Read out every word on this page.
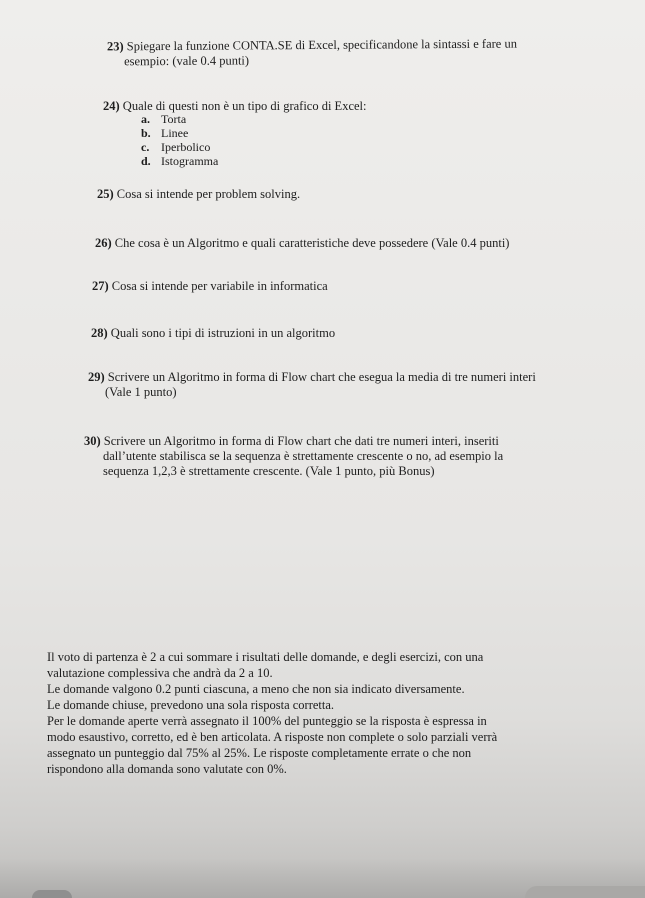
23) Spiegare la funzione CONTA.SE di Excel, specificandone la sintassi e fare un
esempio: (vale 0.4 punti)
24) Quale di questi non è un tipo di grafico di Excel:
a. Torta
b. Linee
c. Iperbolico
d. Istogramma
25) Cosa si intende per problem solving.
26) Che cosa è un Algoritmo e quali caratteristiche deve possedere (Vale 0.4 punti)
27) Cosa si intende per variabile in informatica
28) Quali sono i tipi di istruzioni in un algoritmo
29) Scrivere un Algoritmo in forma di Flow chart che esegua la media di tre numeri interi
(Vale 1 punto)
30) Scrivere un Algoritmo in forma di Flow chart che dati tre numeri interi, inseriti
dall’utente stabilisca se la sequenza è strettamente crescente o no, ad esempio la
sequenza 1,2,3 è strettamente crescente. (Vale 1 punto, più Bonus)
Il voto di partenza è 2 a cui sommare i risultati delle domande, e degli esercizi, con una
valutazione complessiva che andrà da 2 a 10.
Le domande valgono 0.2 punti ciascuna, a meno che non sia indicato diversamente.
Le domande chiuse, prevedono una sola risposta corretta.
Per le domande aperte verrà assegnato il 100% del punteggio se la risposta è espressa in
modo esaustivo, corretto, ed è ben articolata. A risposte non complete o solo parziali verrà
assegnato un punteggio dal 75% al 25%. Le risposte completamente errate o che non
rispondono alla domanda sono valutate con 0%.
